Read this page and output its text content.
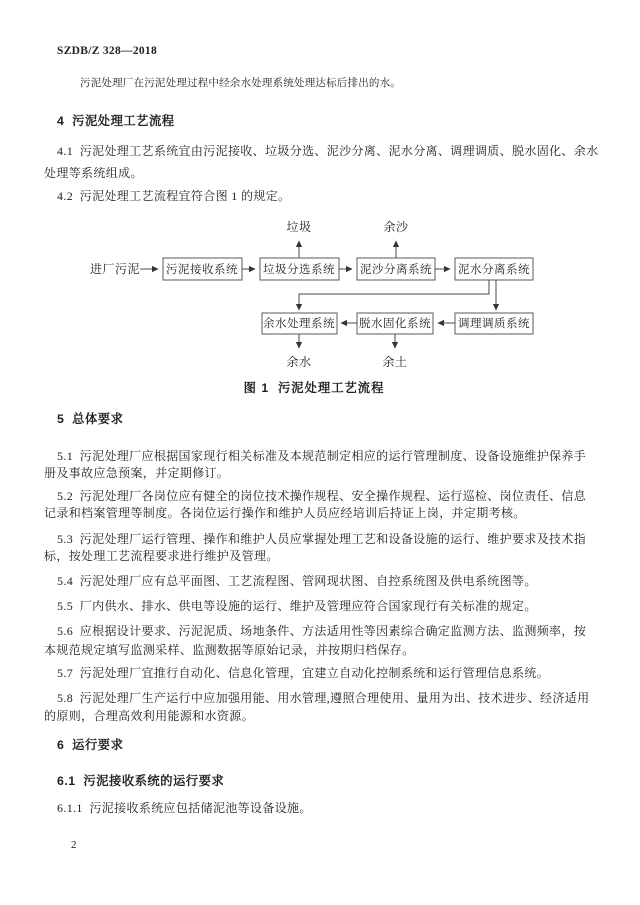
SZDB/Z 328—2018
污泥处理厂在污泥处理过程中经余水处理系统处理达标后排出的水。
4  污泥处理工艺流程
4.1  污泥处理工艺系统宜由污泥接收、垃圾分选、泥沙分离、泥水分离、调理调质、脱水固化、余水
处理等系统组成。
4.2  污泥处理工艺流程宜符合图 1 的规定。
进厂污泥 污泥接收系统 垃圾分选系统 泥沙分离系统 泥水分离系统
余水处理系统 脱水固化系统 调理调质系统
垃圾	余沙
余水	余土
图 1  污泥处理工艺流程
5  总体要求
5.1  污泥处理厂应根据国家现行相关标准及本规范制定相应的运行管理制度、设备设施维护保养手
册及事故应急预案，并定期修订。
5.2  污泥处理厂各岗位应有健全的岗位技术操作规程、安全操作规程、运行巡检、岗位责任、信息
记录和档案管理等制度。各岗位运行操作和维护人员应经培训后持证上岗，并定期考核。
5.3  污泥处理厂运行管理、操作和维护人员应掌握处理工艺和设备设施的运行、维护要求及技术指
标，按处理工艺流程要求进行维护及管理。
5.4  污泥处理厂应有总平面图、工艺流程图、管网现状图、自控系统图及供电系统图等。
5.5  厂内供水、排水、供电等设施的运行、维护及管理应符合国家现行有关标准的规定。
5.6  应根据设计要求、污泥泥质、场地条件、方法适用性等因素综合确定监测方法、监测频率，按
本规范规定填写监测采样、监测数据等原始记录，并按期归档保存。
5.7  污泥处理厂宜推行自动化、信息化管理，宜建立自动化控制系统和运行管理信息系统。
5.8  污泥处理厂生产运行中应加强用能、用水管理,遵照合理使用、量用为出、技术进步、经济适用
的原则，合理高效利用能源和水资源。
6  运行要求
6.1  污泥接收系统的运行要求
6.1.1  污泥接收系统应包括储泥池等设备设施。
2
